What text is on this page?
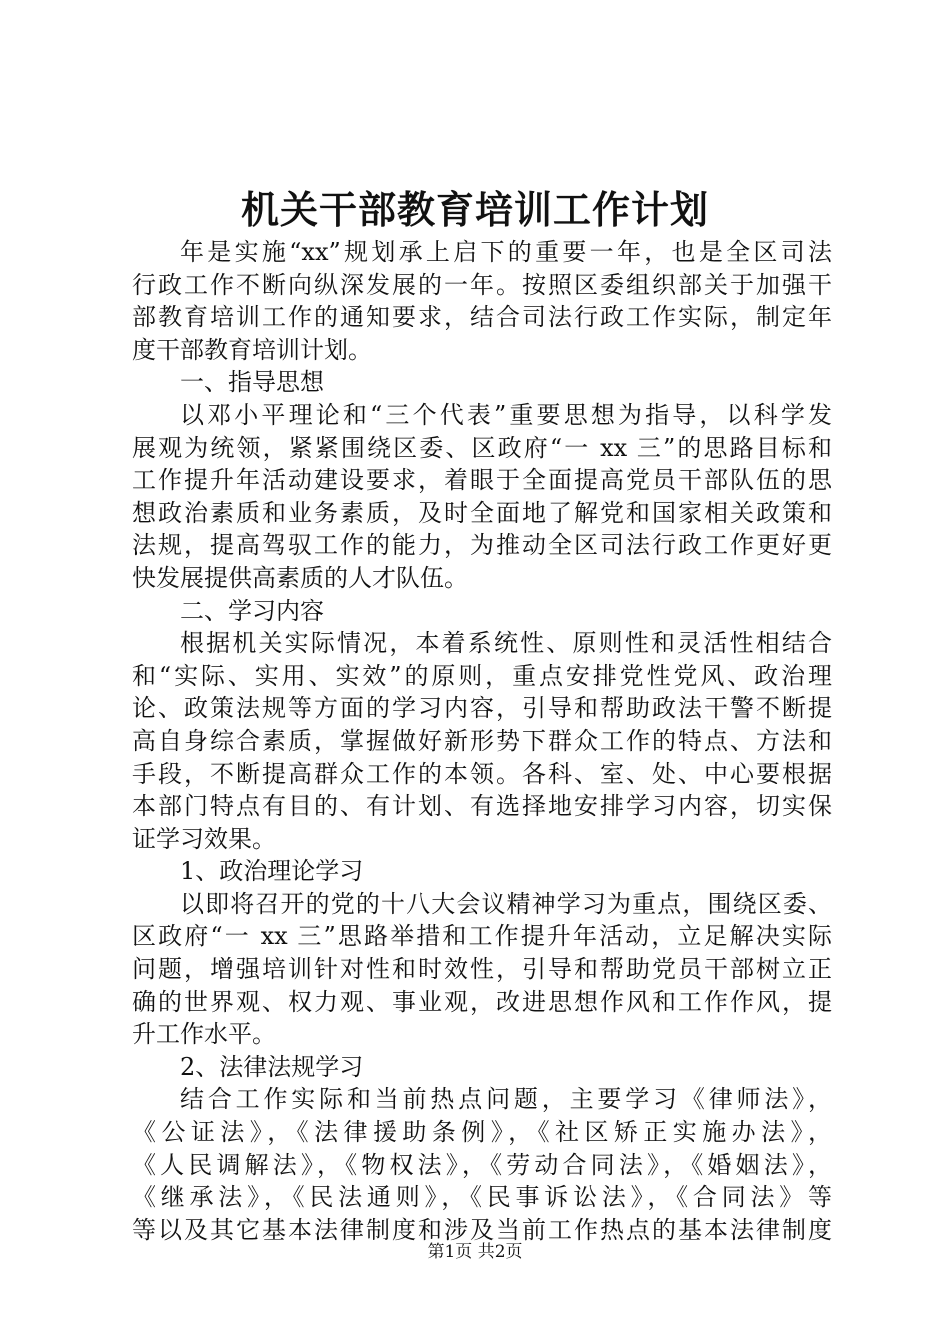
机关干部教育培训工作计划
年是实施“xx”规划承上启下的重要一年，也是全区司法
行政工作不断向纵深发展的一年。按照区委组织部关于加强干
部教育培训工作的通知要求，结合司法行政工作实际，制定年
度干部教育培训计划。
一、指导思想
以邓小平理论和“三个代表”重要思想为指导，以科学发
展观为统领，紧紧围绕区委、区政府“一 xx 三”的思路目标和
工作提升年活动建设要求，着眼于全面提高党员干部队伍的思
想政治素质和业务素质，及时全面地了解党和国家相关政策和
法规，提高驾驭工作的能力，为推动全区司法行政工作更好更
快发展提供高素质的人才队伍。
二、学习内容
根据机关实际情况，本着系统性、原则性和灵活性相结合
和“实际、实用、实效”的原则，重点安排党性党风、政治理
论、政策法规等方面的学习内容，引导和帮助政法干警不断提
高自身综合素质，掌握做好新形势下群众工作的特点、方法和
手段，不断提高群众工作的本领。各科、室、处、中心要根据
本部门特点有目的、有计划、有选择地安排学习内容，切实保
证学习效果。
1、政治理论学习
以即将召开的党的十八大会议精神学习为重点，围绕区委、
区政府“一 xx 三”思路举措和工作提升年活动，立足解决实际
问题，增强培训针对性和时效性，引导和帮助党员干部树立正
确的世界观、权力观、事业观，改进思想作风和工作作风，提
升工作水平。
2、法律法规学习
结合工作实际和当前热点问题，主要学习《律师法》，
《公证法》，《法律援助条例》，《社区矫正实施办法》，
《人民调解法》，《物权法》，《劳动合同法》，《婚姻法》，
《继承法》，《民法通则》，《民事诉讼法》，《合同法》等
等以及其它基本法律制度和涉及当前工作热点的基本法律制度
第1页 共2页
